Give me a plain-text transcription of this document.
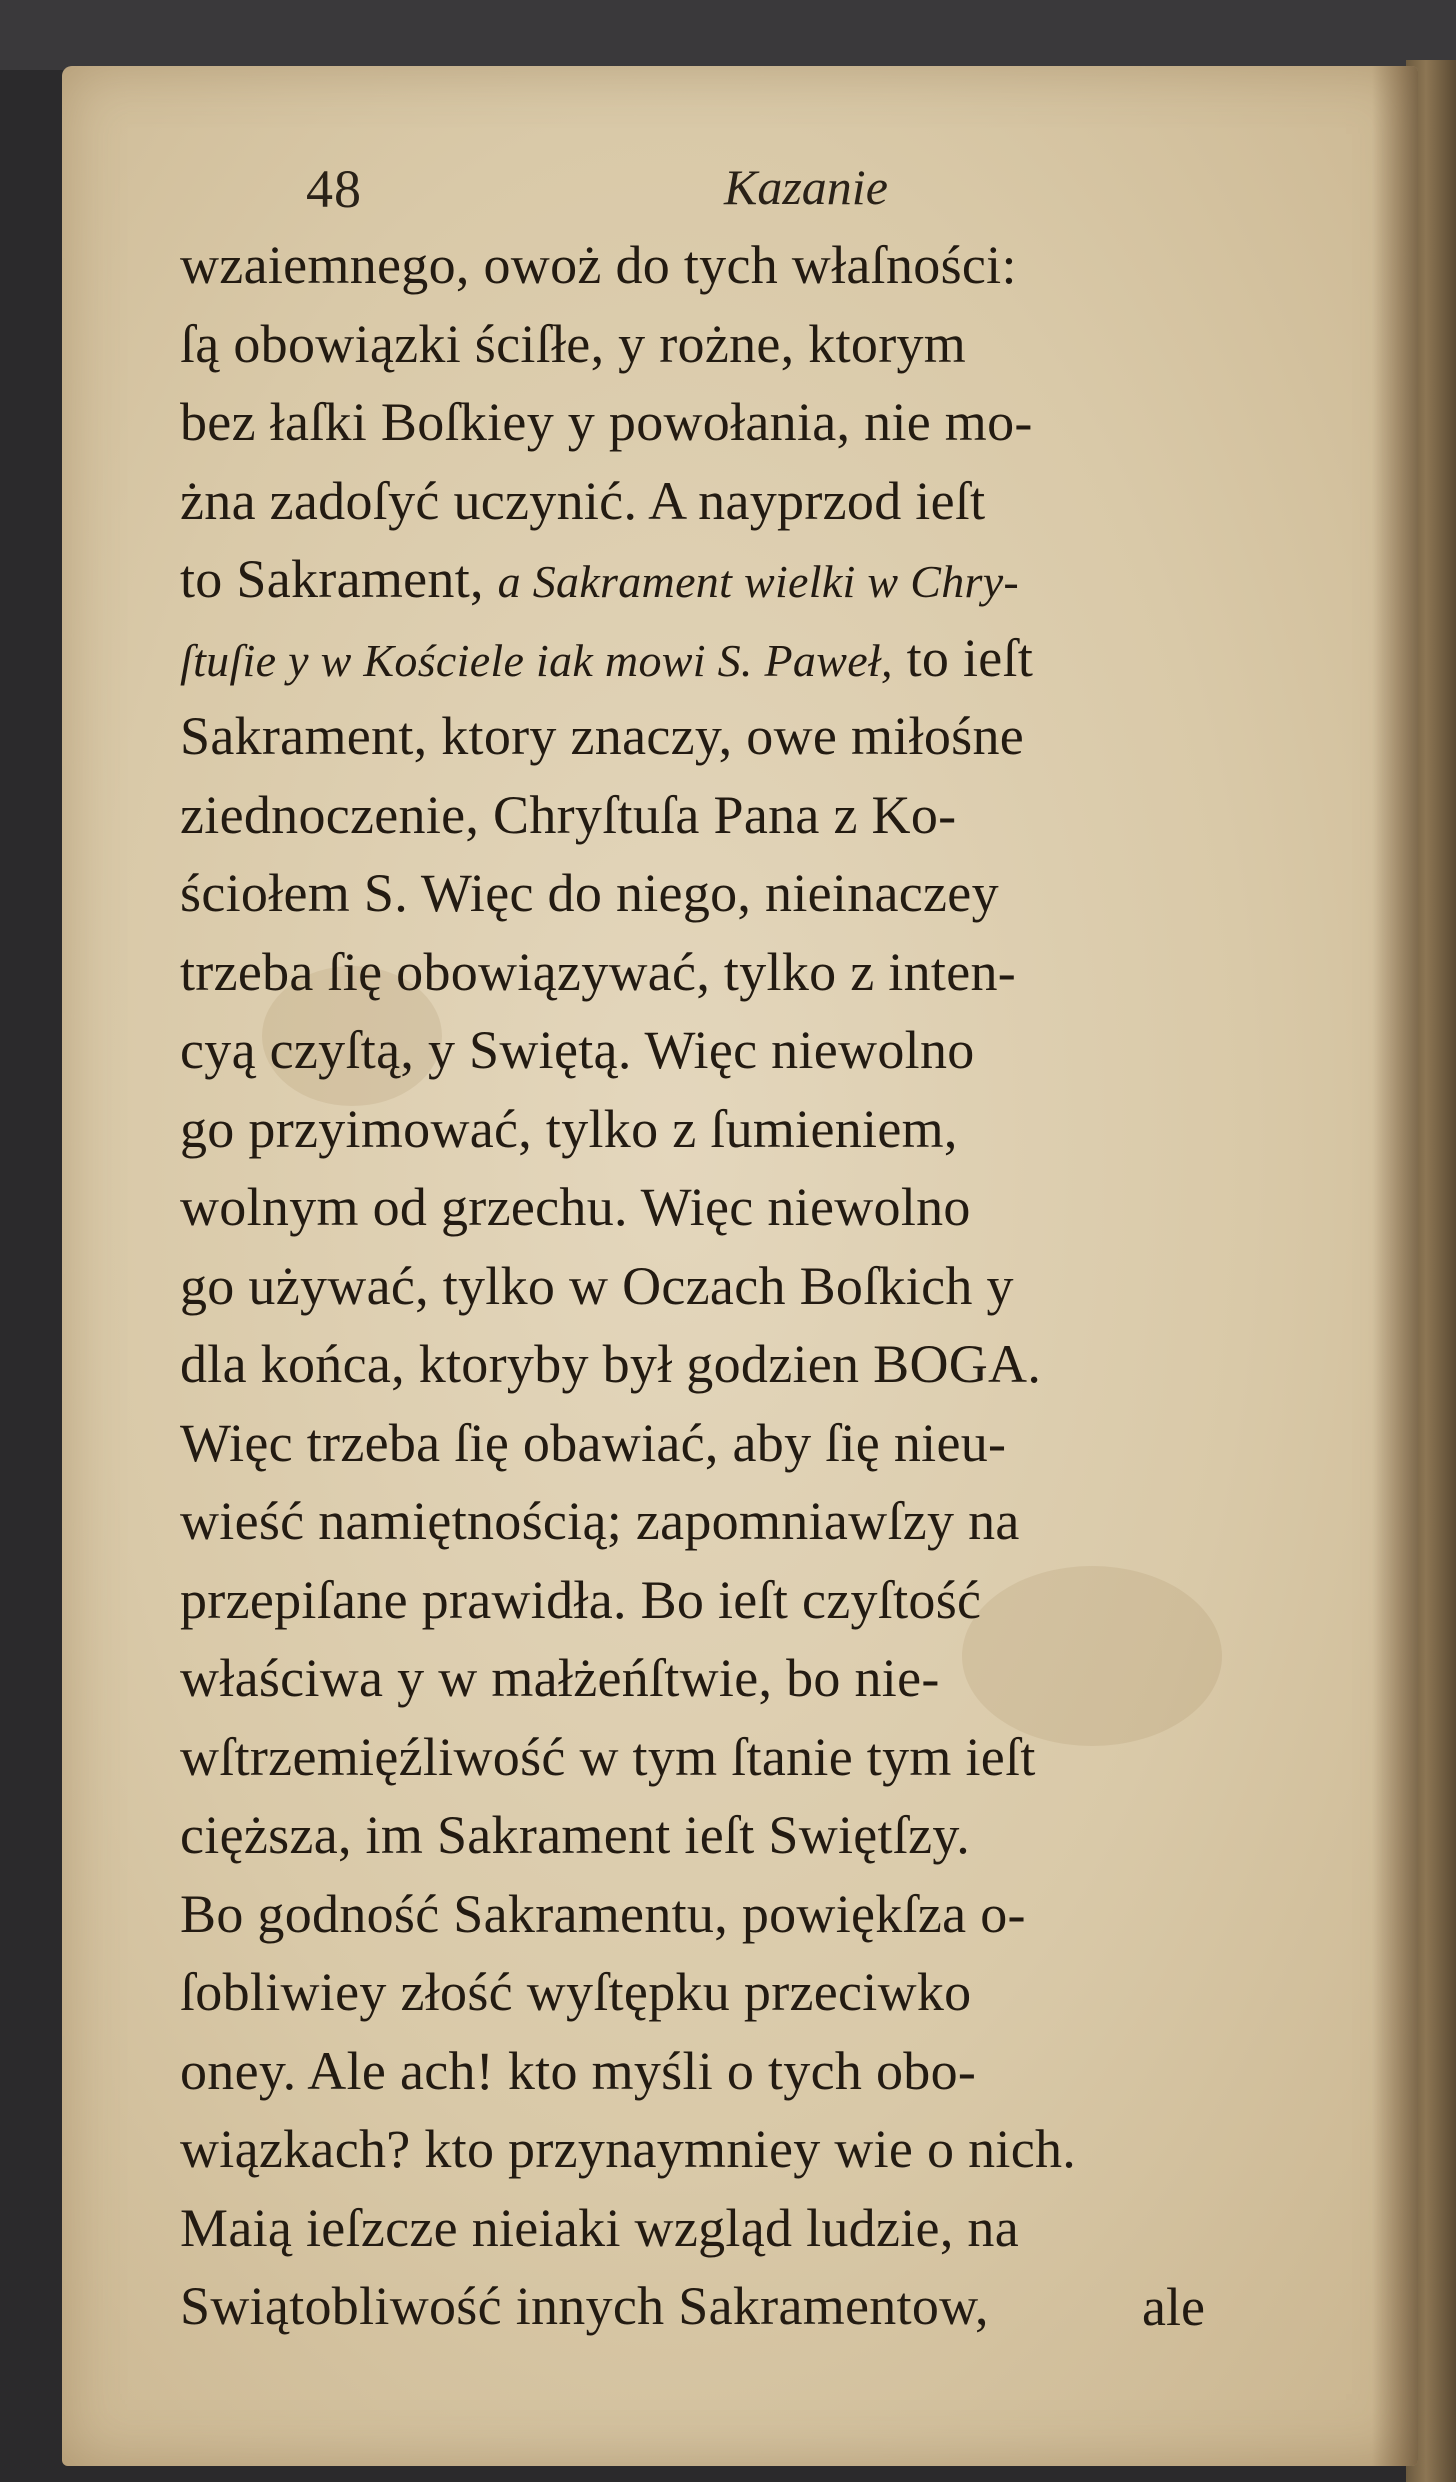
48	Kazanie
wzaiemnego, owoż do tych właſności:
ſą obowiązki ściſłe, y rożne, ktorym
bez łaſki Boſkiey y powołania, nie mo-
żna zadoſyć uczynić. A nayprzod ieſt
to Sakrament, a Sakrament wielki w Chry-
ſtuſie y w Kościele iak mowi S. Paweł, to ieſt
Sakrament, ktory znaczy, owe miłośne
ziednoczenie, Chryſtuſa Pana z Ko-
ściołem S. Więc do niego, nieinaczey
trzeba ſię obowiązywać, tylko z inten-
cyą czyſtą, y Swiętą. Więc niewolno
go przyimować, tylko z ſumieniem,
wolnym od grzechu. Więc niewolno
go używać, tylko w Oczach Boſkich y
dla końca, ktoryby był godzien BOGA.
Więc trzeba ſię obawiać, aby ſię nieu-
wieść namiętnością; zapomniawſzy na
przepiſane prawidła. Bo ieſt czyſtość
właściwa y w małżeńſtwie, bo nie-
wſtrzemięźliwość w tym ſtanie tym ieſt
cięższa, im Sakrament ieſt Swiętſzy.
Bo godność Sakramentu, powiękſza o-
ſobliwiey złość wyſtępku przeciwko
oney. Ale ach! kto myśli o tych obo-
wiązkach? kto przynaymniey wie o nich.
Maią ieſzcze nieiaki wzgląd ludzie, na
Swiątobliwość innych Sakramentow,	ale
